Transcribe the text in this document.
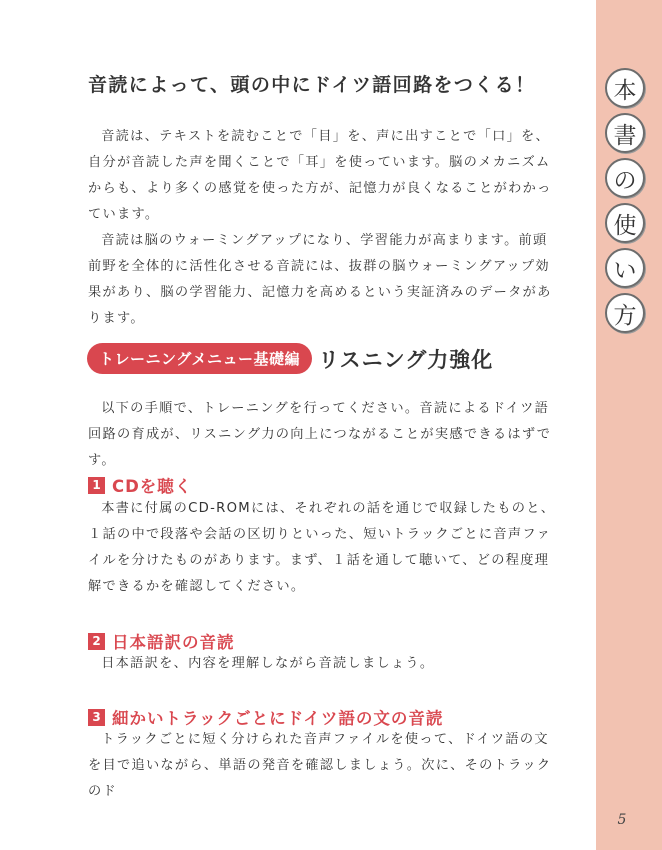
本
書
の
使
い
方
音読によって、頭の中にドイツ語回路をつくる！

音読は、テキストを読むことで「目」を、声に出すことで「口」を、自分が音読した声を聞くことで「耳」を使っています。脳のメカニズムからも、より多くの感覚を使った方が、記憶力が良くなることがわかっています。

音読は脳のウォーミングアップになり、学習能力が高まります。前頭前野を全体的に活性化させる音読には、抜群の脳ウォーミングアップ効果があり、脳の学習能力、記憶力を高めるという実証済みのデータがあります。

トレーニングメニュー基礎編 リスニング力強化

以下の手順で、トレーニングを行ってください。音読によるドイツ語回路の育成が、リスニング力の向上につながることが実感できるはずです。

1 CDを聴く

本書に付属のCD-ROMには、それぞれの話を通じで収録したものと、１話の中で段落や会話の区切りといった、短いトラックごとに音声ファイルを分けたものがあります。まず、１話を通して聴いて、どの程度理解できるかを確認してください。

2 日本語訳の音読

日本語訳を、内容を理解しながら音読しましょう。

3 細かいトラックごとにドイツ語の文の音読

トラックごとに短く分けられた音声ファイルを使って、ドイツ語の文を目で追いながら、単語の発音を確認しましょう。次に、そのトラックのド

5
